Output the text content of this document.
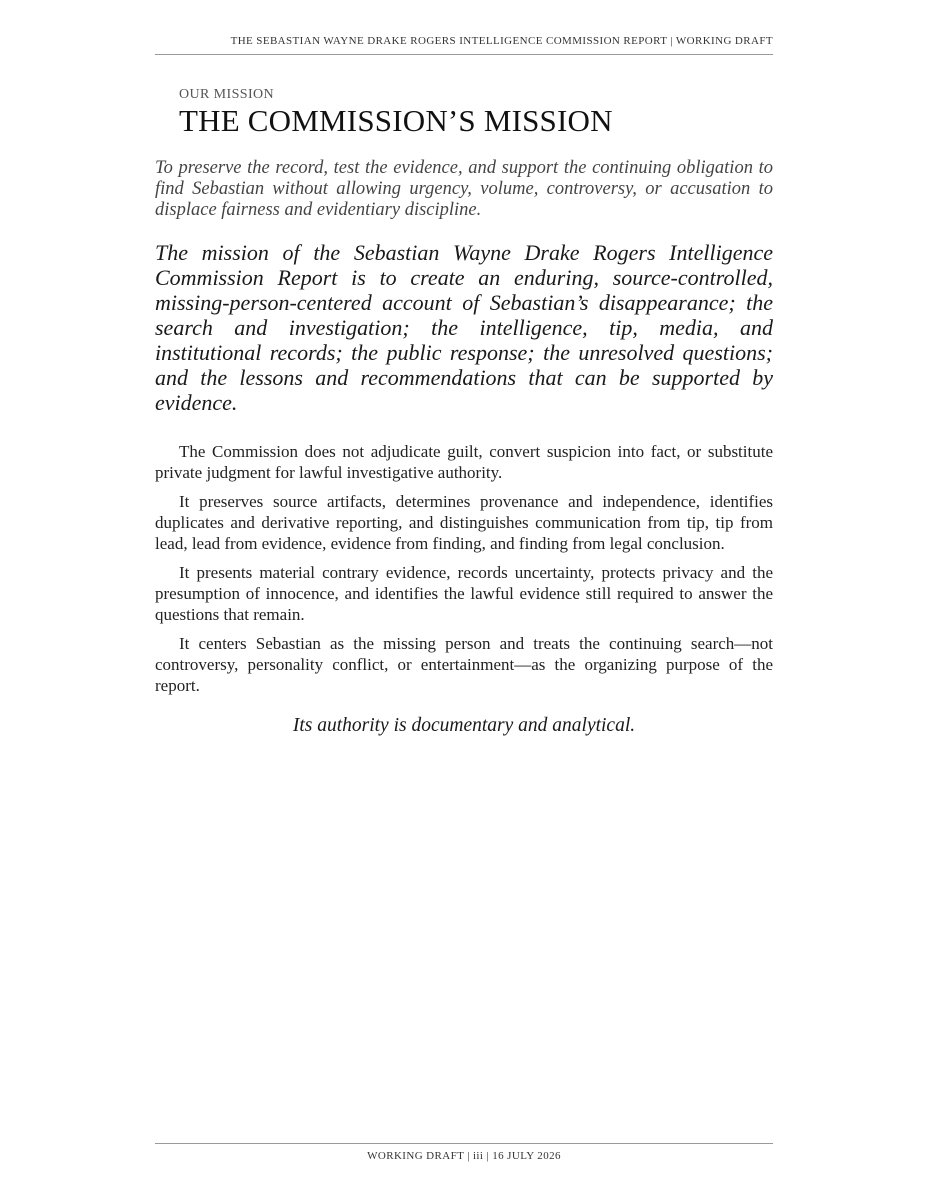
THE SEBASTIAN WAYNE DRAKE ROGERS INTELLIGENCE COMMISSION REPORT | WORKING DRAFT

OUR MISSION

THE COMMISSION’S MISSION

To preserve the record, test the evidence, and support the continuing obligation to find Sebastian without allowing urgency, volume, controversy, or accusation to displace fairness and evidentiary discipline.

The mission of the Sebastian Wayne Drake Rogers Intelligence Commission Report is to create an enduring, source-controlled, missing-person-centered account of Sebastian’s disappearance; the search and investigation; the intelligence, tip, media, and institutional records; the public response; the unresolved questions; and the lessons and recommendations that can be supported by evidence.

The Commission does not adjudicate guilt, convert suspicion into fact, or substitute private judgment for lawful investigative authority.

It preserves source artifacts, determines provenance and independence, identifies duplicates and derivative reporting, and distinguishes communication from tip, tip from lead, lead from evidence, evidence from finding, and finding from legal conclusion.

It presents material contrary evidence, records uncertainty, protects privacy and the presumption of innocence, and identifies the lawful evidence still required to answer the questions that remain.

It centers Sebastian as the missing person and treats the continuing search—not controversy, personality conflict, or entertainment—as the organizing purpose of the report.

Its authority is documentary and analytical.

WORKING DRAFT | iii | 16 JULY 2026
